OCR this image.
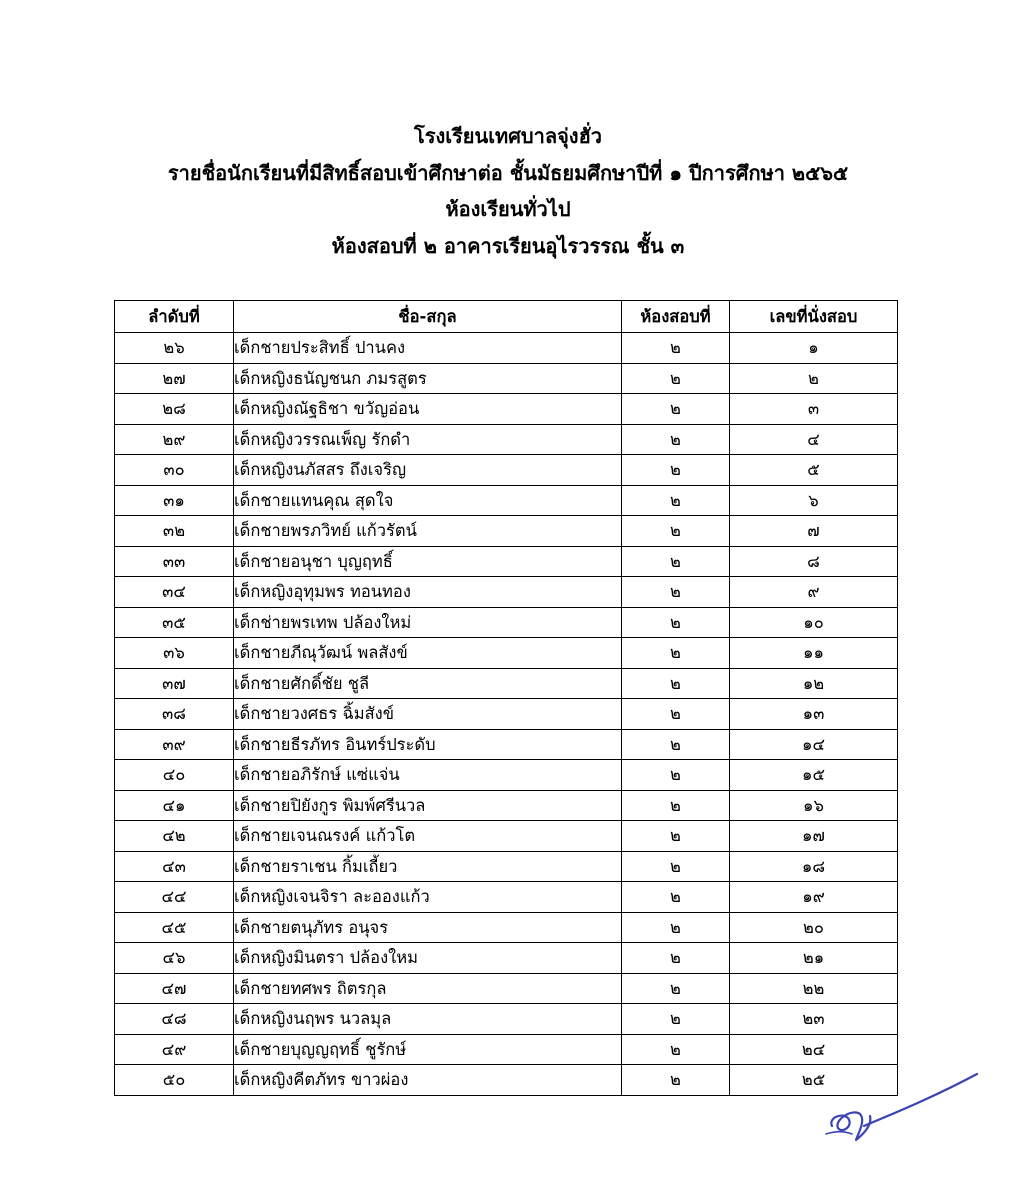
โรงเรียนเทศบาลจุ่งฮั่ว
รายชื่อนักเรียนที่มีสิทธิ์สอบเข้าศึกษาต่อ ชั้นมัธยมศึกษาปีที่ ๑ ปีการศึกษา ๒๕๖๕
ห้องเรียนทั่วไป
ห้องสอบที่ ๒ อาคารเรียนอุไรวรรณ ชั้น ๓
ลำดับที่	ชื่อ-สกุล	ห้องสอบที่	เลขที่นั่งสอบ
๒๖	เด็กชายประสิทธิ์ ปานคง	๒	๑
๒๗	เด็กหญิงธนัญชนก ภมรสูตร	๒	๒
๒๘	เด็กหญิงณัฐธิชา ขวัญอ่อน	๒	๓
๒๙	เด็กหญิงวรรณเพ็ญ รักดำ	๒	๔
๓๐	เด็กหญิงนภัสสร ถึงเจริญ	๒	๕
๓๑	เด็กชายแทนคุณ สุดใจ	๒	๖
๓๒	เด็กชายพรภวิทย์ แก้วรัตน์	๒	๗
๓๓	เด็กชายอนุชา บุญฤทธิ์	๒	๘
๓๔	เด็กหญิงอุทุมพร ทอนทอง	๒	๙
๓๕	เด็กช่ายพรเทพ ปล้องใหม่	๒	๑๐
๓๖	เด็กชายภีณุวัฒน์ พลสังข์	๒	๑๑
๓๗	เด็กชายศักดิ์ชัย ชูลี	๒	๑๒
๓๘	เด็กชายวงศธร ฉิ้มสังข์	๒	๑๓
๓๙	เด็กชายธีรภัทร อินทร์ประดับ	๒	๑๔
๔๐	เด็กชายอภิรักษ์ แซ่แจ่น	๒	๑๕
๔๑	เด็กชายปิยังกูร พิมพ์ศรีนวล	๒	๑๖
๔๒	เด็กชายเจนณรงค์ แก้วโต	๒	๑๗
๔๓	เด็กชายราเชน กิ้มเถี้ยว	๒	๑๘
๔๔	เด็กหญิงเจนจิรา ละอองแก้ว	๒	๑๙
๔๕	เด็กชายตนุภัทร อนุจร	๒	๒๐
๔๖	เด็กหญิงมินตรา ปล้องใหม	๒	๒๑
๔๗	เด็กชายทศพร ถิตรกุล	๒	๒๒
๔๘	เด็กหญิงนฤพร นวลมุล	๒	๒๓
๔๙	เด็กชายบุญญฤทธิ์ ชูรักษ์	๒	๒๔
๕๐	เด็กหญิงคีตภัทร ขาวผ่อง	๒	๒๕
